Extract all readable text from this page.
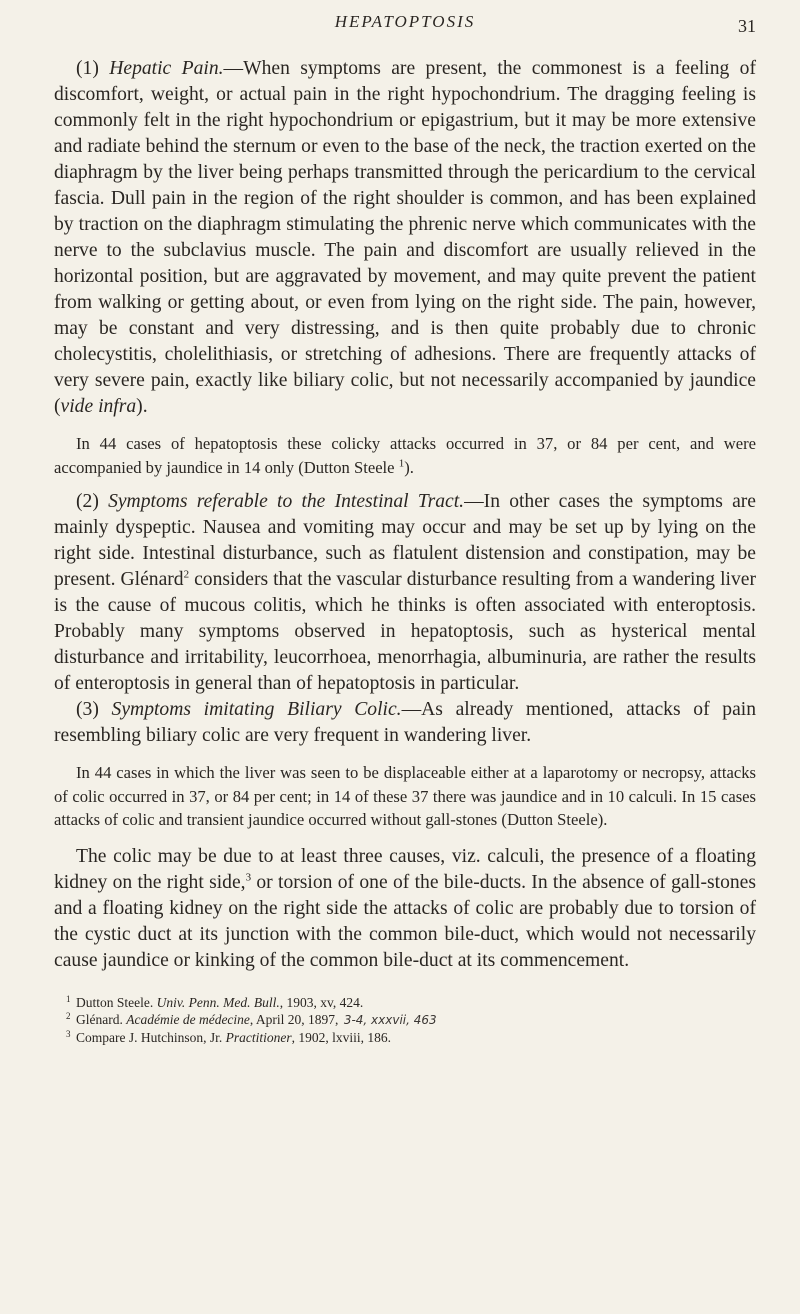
HEPATOPTOSIS	31

(1) Hepatic Pain.—When symptoms are present, the commonest is a feeling of discomfort, weight, or actual pain in the right hypochondrium. The dragging feeling is commonly felt in the right hypochondrium or epigastrium, but it may be more extensive and radiate behind the sternum or even to the base of the neck, the traction exerted on the diaphragm by the liver being perhaps transmitted through the pericardium to the cervical fascia. Dull pain in the region of the right shoulder is common, and has been explained by traction on the diaphragm stimulating the phrenic nerve which communicates with the nerve to the subclavius muscle. The pain and discomfort are usually relieved in the horizontal position, but are aggravated by movement, and may quite prevent the patient from walking or getting about, or even from lying on the right side. The pain, however, may be constant and very distressing, and is then quite probably due to chronic cholecystitis, cholelithiasis, or stretching of adhesions. There are frequently attacks of very severe pain, exactly like biliary colic, but not necessarily accompanied by jaundice (vide infra).

In 44 cases of hepatoptosis these colicky attacks occurred in 37, or 84 per cent, and were accompanied by jaundice in 14 only (Dutton Steele $^1$).

(2) Symptoms referable to the Intestinal Tract.—In other cases the symptoms are mainly dyspeptic. Nausea and vomiting may occur and may be set up by lying on the right side. Intestinal disturbance, such as flatulent distension and constipation, may be present. Glénard$^2$ considers that the vascular disturbance resulting from a wandering liver is the cause of mucous colitis, which he thinks is often associated with enteroptosis. Probably many symptoms observed in hepatoptosis, such as hysterical mental disturbance and irritability, leucorrhoea, menorrhagia, albuminuria, are rather the results of enteroptosis in general than of hepatoptosis in particular.

(3) Symptoms imitating Biliary Colic.—As already mentioned, attacks of pain resembling biliary colic are very frequent in wandering liver.

In 44 cases in which the liver was seen to be displaceable either at a laparotomy or necropsy, attacks of colic occurred in 37, or 84 per cent; in 14 of these 37 there was jaundice and in 10 calculi. In 15 cases attacks of colic and transient jaundice occurred without gall-stones (Dutton Steele).

The colic may be due to at least three causes, viz. calculi, the presence of a floating kidney on the right side,$^3$ or torsion of one of the bile-ducts. In the absence of gall-stones and a floating kidney on the right side the attacks of colic are probably due to torsion of the cystic duct at its junction with the common bile-duct, which would not necessarily cause jaundice or kinking of the common bile-duct at its commencement.

1 Dutton Steele. Univ. Penn. Med. Bull., 1903, xv, 424.
2 Glénard. Académie de médecine, April 20, 1897, 3-4, xxxvii, 463
3 Compare J. Hutchinson, Jr. Practitioner, 1902, lxviii, 186.
